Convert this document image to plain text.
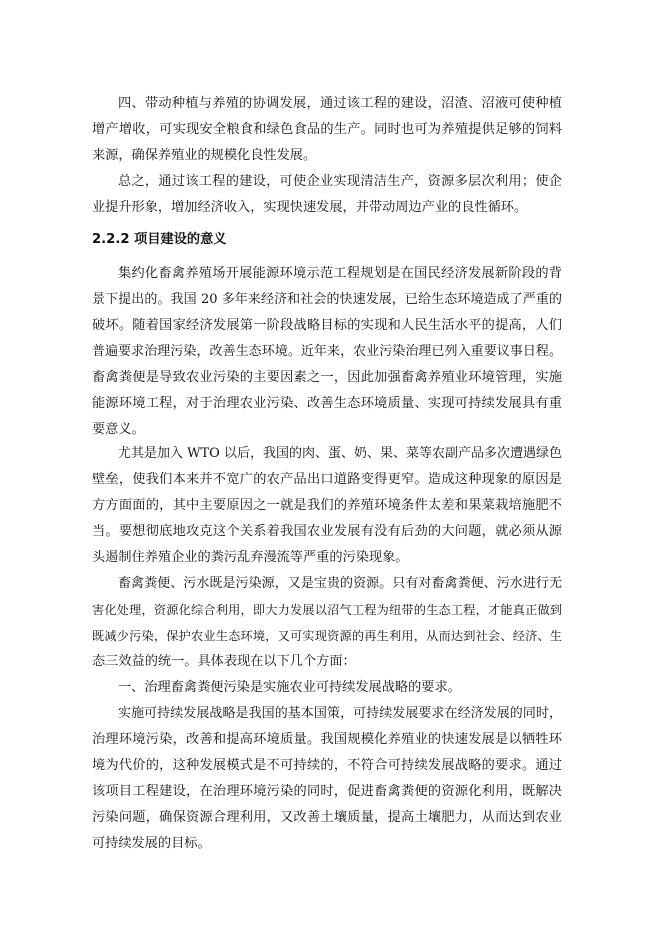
四、带动种植与养殖的协调发展，通过该工程的建设，沼渣、沼液可使种植
增产增收，可实现安全粮食和绿色食品的生产。同时也可为养殖提供足够的饲料
来源，确保养殖业的规模化良性发展。
总之，通过该工程的建设，可使企业实现清洁生产，资源多层次利用；使企
业提升形象，增加经济收入，实现快速发展，并带动周边产业的良性循环。
2.2.2 项目建设的意义
集约化畜禽养殖场开展能源环境示范工程规划是在国民经济发展新阶段的背
景下提出的。我国 20 多年来经济和社会的快速发展，已给生态环境造成了严重的
破坏。随着国家经济发展第一阶段战略目标的实现和人民生活水平的提高，人们
普遍要求治理污染，改善生态环境。近年来，农业污染治理已列入重要议事日程。
畜禽粪便是导致农业污染的主要因素之一，因此加强畜禽养殖业环境管理，实施
能源环境工程，对于治理农业污染、改善生态环境质量、实现可持续发展具有重
要意义。
尤其是加入 WTO 以后，我国的肉、蛋、奶、果、菜等农副产品多次遭遇绿色
壁垒，使我们本来并不宽广的农产品出口道路变得更窄。造成这种现象的原因是
方方面面的，其中主要原因之一就是我们的养殖环境条件太差和果菜栽培施肥不
当。要想彻底地攻克这个关系着我国农业发展有没有后劲的大问题，就必须从源
头遏制住养殖企业的粪污乱弃漫流等严重的污染现象。
畜禽粪便、污水既是污染源，又是宝贵的资源。只有对畜禽粪便、污水进行无
害化处理，资源化综合利用，即大力发展以沼气工程为纽带的生态工程，才能真正做到
既减少污染，保护农业生态环境，又可实现资源的再生利用，从而达到社会、经济、生
态三效益的统一。具体表现在以下几个方面：
一、治理畜禽粪便污染是实施农业可持续发展战略的要求。
实施可持续发展战略是我国的基本国策，可持续发展要求在经济发展的同时，
治理环境污染，改善和提高环境质量。我国规模化养殖业的快速发展是以牺牲环
境为代价的，这种发展模式是不可持续的，不符合可持续发展战略的要求。通过
该项目工程建设，在治理环境污染的同时，促进畜禽粪便的资源化利用，既解决
污染问题，确保资源合理利用，又改善土壤质量，提高土壤肥力，从而达到农业
可持续发展的目标。
